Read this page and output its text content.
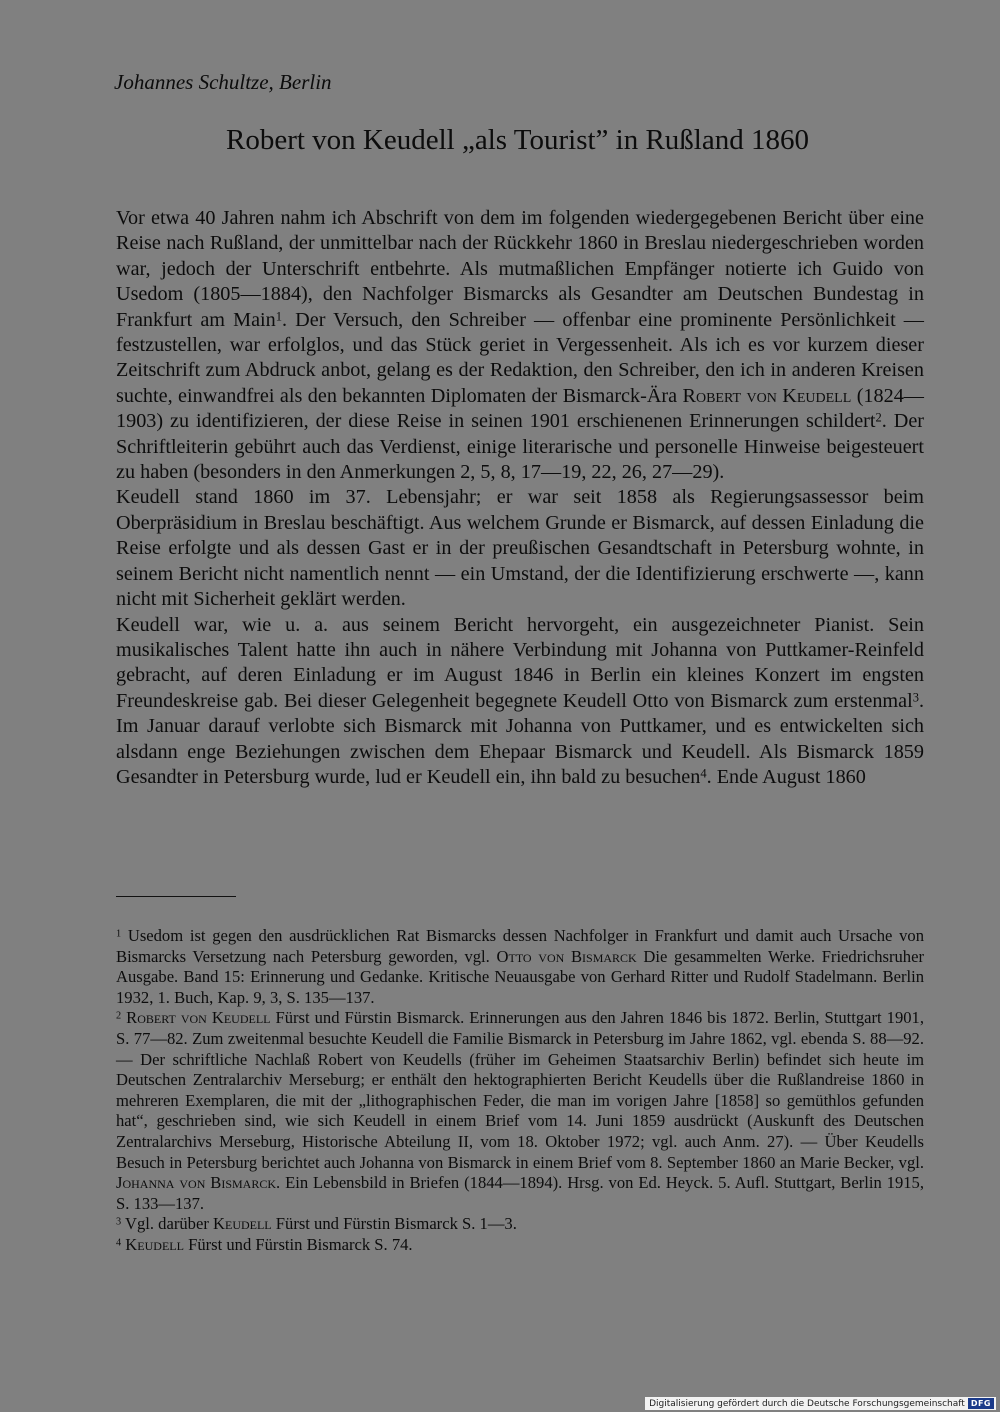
Johannes Schultze, Berlin
Robert von Keudell „als Tourist” in Rußland 1860

Vor etwa 40 Jahren nahm ich Abschrift von dem im folgenden wiedergegebenen Bericht über eine Reise nach Rußland, der unmittelbar nach der Rückkehr 1860 in Breslau niedergeschrieben worden war, jedoch der Unterschrift entbehrte. Als mutmaßlichen Empfänger notierte ich Guido von Usedom (1805—1884), den Nachfolger Bismarcks als Gesandter am Deutschen Bundestag in Frankfurt am Main$^1$. Der Versuch, den Schreiber — offenbar eine prominente Persönlichkeit — festzustellen, war erfolglos, und das Stück geriet in Vergessenheit. Als ich es vor kurzem dieser Zeitschrift zum Abdruck anbot, gelang es der Redaktion, den Schreiber, den ich in anderen Kreisen suchte, einwandfrei als den bekannten Diplomaten der Bismarck-Ära Robert von Keudell (1824—1903) zu identifizieren, der diese Reise in seinen 1901 erschienenen Erinnerungen schildert$^2$. Der Schriftleiterin gebührt auch das Verdienst, einige literarische und personelle Hinweise beigesteuert zu haben (besonders in den Anmerkungen 2, 5, 8, 17—19, 22, 26, 27—29).

Keudell stand 1860 im 37. Lebensjahr; er war seit 1858 als Regierungsassessor beim Oberpräsidium in Breslau beschäftigt. Aus welchem Grunde er Bismarck, auf dessen Einladung die Reise erfolgte und als dessen Gast er in der preußischen Gesandtschaft in Petersburg wohnte, in seinem Bericht nicht namentlich nennt — ein Umstand, der die Identifizierung erschwerte —, kann nicht mit Sicherheit geklärt werden.

Keudell war, wie u. a. aus seinem Bericht hervorgeht, ein ausgezeichneter Pianist. Sein musikalisches Talent hatte ihn auch in nähere Verbindung mit Johanna von Puttkamer-Reinfeld gebracht, auf deren Einladung er im August 1846 in Berlin ein kleines Konzert im engsten Freundeskreise gab. Bei dieser Gelegenheit begegnete Keudell Otto von Bismarck zum erstenmal$^3$. Im Januar darauf verlobte sich Bismarck mit Johanna von Puttkamer, und es entwickelten sich alsdann enge Beziehungen zwischen dem Ehepaar Bismarck und Keudell. Als Bismarck 1859 Gesandter in Petersburg wurde, lud er Keudell ein, ihn bald zu besuchen$^4$. Ende August 1860

$^1$ Usedom ist gegen den ausdrücklichen Rat Bismarcks dessen Nachfolger in Frankfurt und damit auch Ursache von Bismarcks Versetzung nach Petersburg geworden, vgl. Otto von Bismarck Die gesammelten Werke. Friedrichsruher Ausgabe. Band 15: Erinnerung und Gedanke. Kritische Neuausgabe von Gerhard Ritter und Rudolf Stadelmann. Berlin 1932, 1. Buch, Kap. 9, 3, S. 135—137.

$^2$ Robert von Keudell Fürst und Fürstin Bismarck. Erinnerungen aus den Jahren 1846 bis 1872. Berlin, Stuttgart 1901, S. 77—82. Zum zweitenmal besuchte Keudell die Familie Bismarck in Petersburg im Jahre 1862, vgl. ebenda S. 88—92. — Der schriftliche Nachlaß Robert von Keudells (früher im Geheimen Staatsarchiv Berlin) befindet sich heute im Deutschen Zentralarchiv Merseburg; er enthält den hektographierten Bericht Keudells über die Rußlandreise 1860 in mehreren Exemplaren, die mit der „lithographischen Feder, die man im vorigen Jahre [1858] so gemüthlos gefunden hat“, geschrieben sind, wie sich Keudell in einem Brief vom 14. Juni 1859 ausdrückt (Auskunft des Deutschen Zentralarchivs Merseburg, Historische Abteilung II, vom 18. Oktober 1972; vgl. auch Anm. 27). — Über Keudells Besuch in Petersburg berichtet auch Johanna von Bismarck in einem Brief vom 8. September 1860 an Marie Becker, vgl. Johanna von Bismarck. Ein Lebensbild in Briefen (1844—1894). Hrsg. von Ed. Heyck. 5. Aufl. Stuttgart, Berlin 1915, S. 133—137.

$^3$ Vgl. darüber Keudell Fürst und Fürstin Bismarck S. 1—3.

$^4$ Keudell Fürst und Fürstin Bismarck S. 74.

Digitalisierung gefördert durch die Deutsche Forschungsgemeinschaft DFG
